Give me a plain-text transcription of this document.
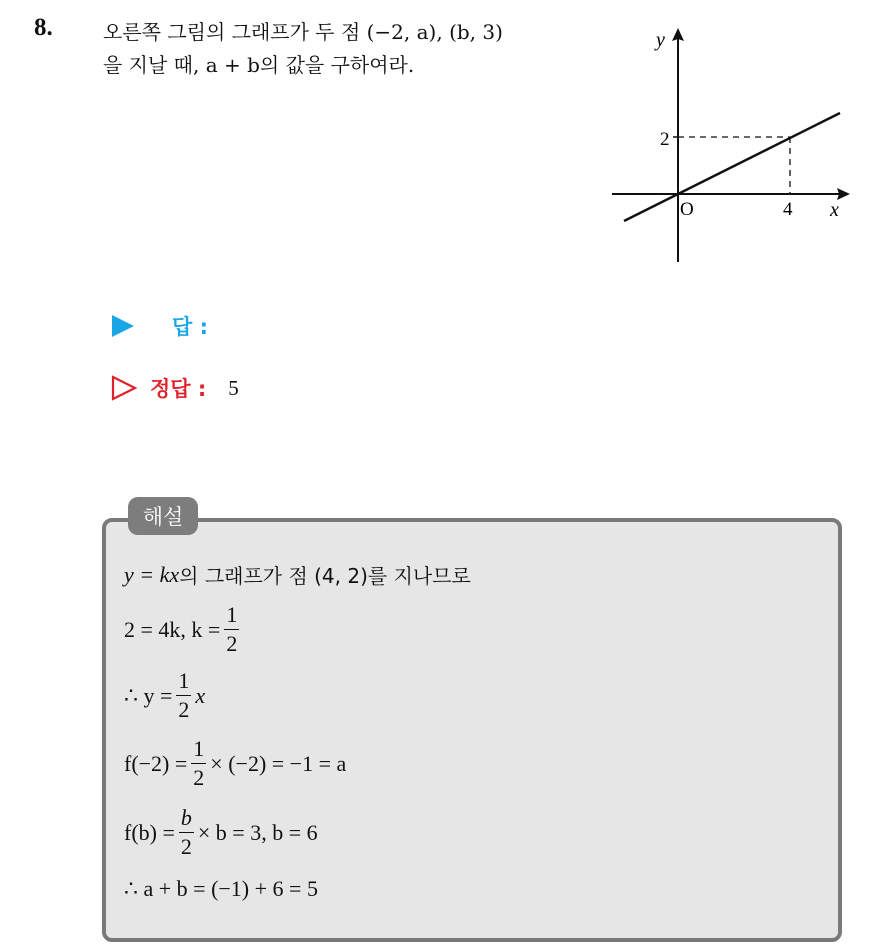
8.	오른쪽 그림의 그래프가 두 점 (−2, a), (b, 3)
을 지날 때, a + b의 값을 구하여라.
y
x
O
2
4
답 :
정답 : 5
해설
y = kx 의 그래프가 점 (4, 2)를 지나므로
2 = 4k, $k = \frac{1}{2}$
∴ $y = \frac{1}{2}$ x
$f(-2) = \frac{1}{2} \times (-2) = -1 = a$
$f(b) = \frac{b}{2} \times b = 3$, b = 6
∴ a + b = (−1) + 6 = 5
